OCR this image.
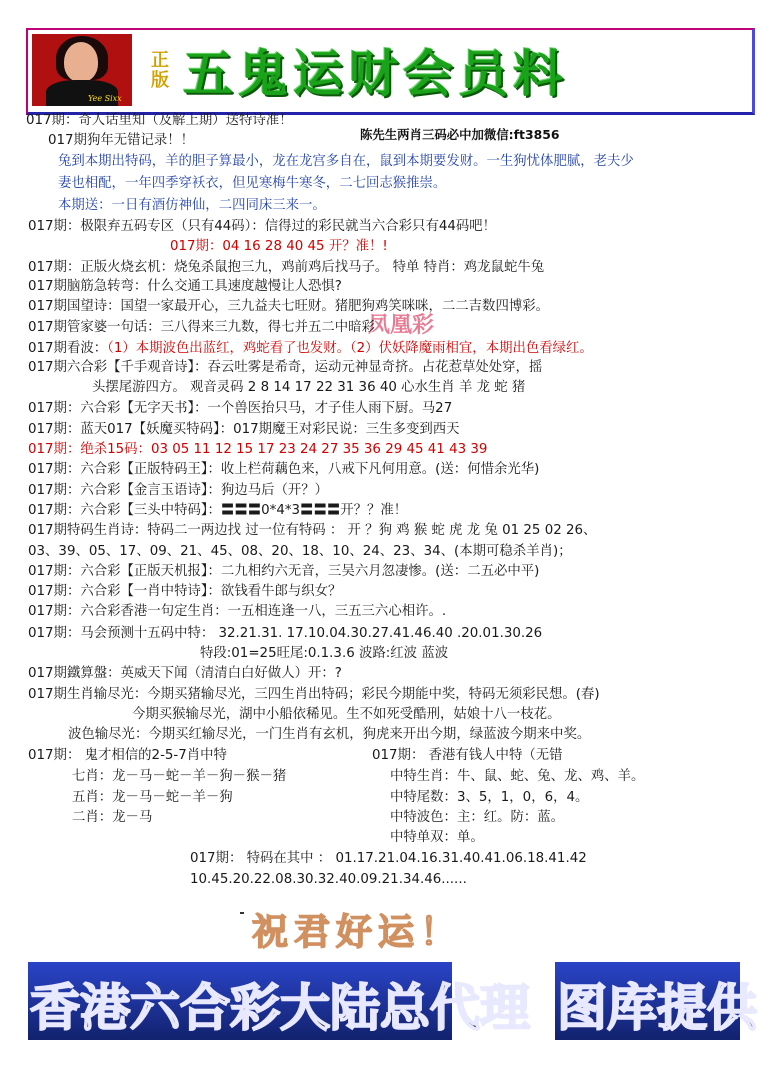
Yee Sixx
正版 五鬼运财会员料
017期：奇人话里知（及解上期）送特诗准！
陈先生两肖三码必中加微信:ft3856
017期狗年无错记录！！
兔到本期出特码，羊的胆子算最小，龙在龙宫多自在，鼠到本期要发财。一生狗忧体肥腻，老夫少
妻也相配，一年四季穿袄衣，但见寒梅牛寒冬，二七回志猴推崇。
本期送：一日有酒仿神仙，二四同床三来一。
017期：极限弃五码专区（只有44码）：信得过的彩民就当六合彩只有44码吧！
017期：04 16 28 40 45 开？准！!
017期：正版火烧玄机：烧兔杀鼠抱三九，鸡前鸡后找马子。 特单 特肖：鸡龙鼠蛇牛兔
017期脑筋急转弯：什么交通工具速度越慢让人恐惧?
017期国望诗：国望一家最开心，三九益夫七旺财。猪肥狗鸡笑咪咪，二二吉数四博彩。
凤凰彩
017期管家婆一句话：三八得来三九数，得七并五二中暗彩
017期看波：（1）本期波色出蓝红，鸡蛇看了也发财。（2）伏妖降魔雨相宜，本期出色看绿红。
017期六合彩【千手观音诗】：吞云吐雾是希奇，运动元神显奇挤。占花惹草处处穿，摇
头摆尾游四方。 观音灵码 2 8 14 17 22 31 36 40 心水生肖 羊 龙 蛇 猪
017期：六合彩【无字天书】：一个兽医抬只马，才子佳人雨下厨。马27
017期：蓝天017【妖魔买特码】：017期魔王对彩民说：三生多变到西天
017期：绝杀15码：03 05 11 12 15 17 23 24 27 35 36 29 45 41 43 39
017期：六合彩【正版特码王】：收上栏荷藕色来，八戒下凡何用意。(送：何惜余光华)
017期：六合彩【金言玉语诗】：狗边马后（开？）
017期：六合彩【三头中特码】：〓〓〓0*4*3〓〓〓开？？准！
017期特码生肖诗：特码二一两边找 过一位有特码 ： 开 ？狗 鸡 猴 蛇 虎 龙 兔 01 25 02 26、
03、39、05、17、09、21、45、08、20、18、10、24、23、34、(本期可稳杀羊肖)；
017期：六合彩【正版天机报】：二九相约六无音，三吴六月忽凄惨。(送：二五必中平)
017期：六合彩【一肖中特诗】：欲钱看牛郎与织女？
017期：六合彩香港一句定生肖：一五相连逢一八，三五三六心相许。.
017期：马会预测十五码中特： 32.21.31. 17.10.04.30.27.41.46.40 .20.01.30.26
特段:01=25旺尾:0.1.3.6 波路:红波 蓝波
017期鐵算盤：英威天下闻（清清白白好做人）开：?
017期生肖输尽光：今期买猪输尽光，三四生肖出特码；彩民今期能中奖，特码无须彩民想。(春)
今期买猴输尽光，湖中小船依稀见。生不如死受酷刑，姑娘十八一枝花。
波色输尽光：今期买红输尽光，一门生肖有玄机，狗虎来开出今期，绿蓝波今期来中奖。
017期： 鬼才相信的2-5-7肖中特	017期： 香港有钱人中特（无错
七肖：龙－马－蛇－羊－狗－猴－猪	中特生肖：牛、鼠、蛇、兔、龙、鸡、羊。
五肖：龙－马－蛇－羊－狗	中特尾数：3、5，1，0，6，4。
二肖：龙－马	中特波色：主：红。防：蓝。
中特单双：单。
017期： 特码在其中 ： 01.17.21.04.16.31.40.41.06.18.41.42
10.45.20.22.08.30.32.40.09.21.34.46......
祝君好运！
香港六合彩大陆总代理 图库提供
